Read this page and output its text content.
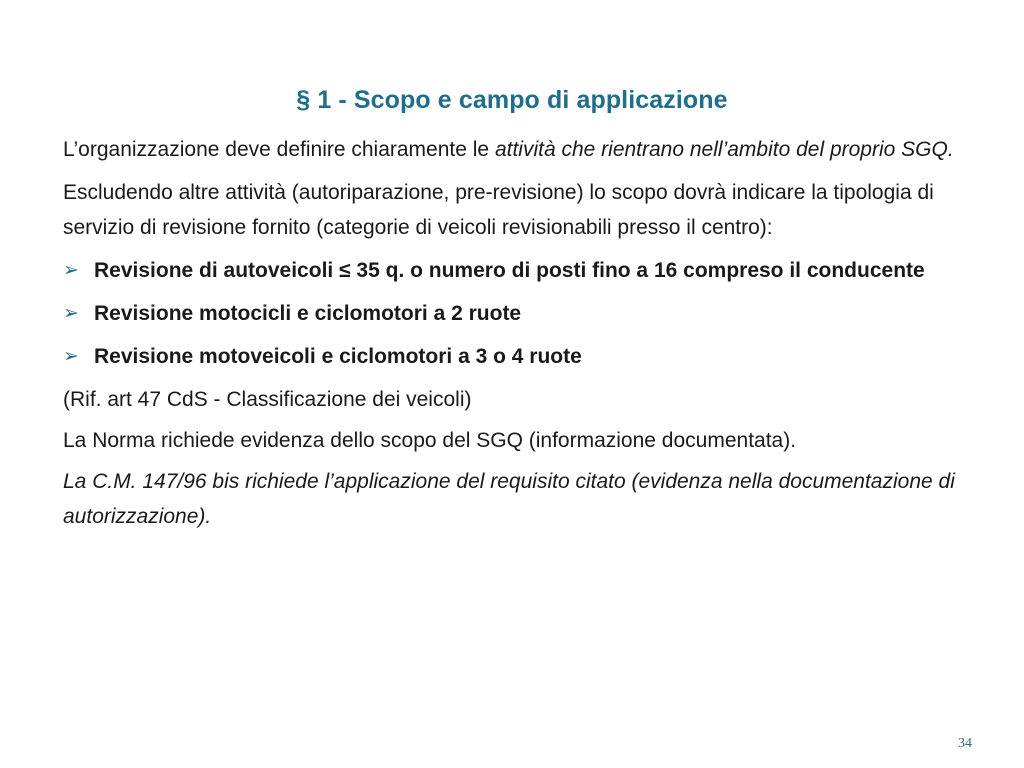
§ 1 - Scopo e campo di applicazione

L’organizzazione deve definire chiaramente le attività che rientrano nell’ambito del proprio SGQ.

Escludendo altre attività (autoriparazione, pre-revisione) lo scopo dovrà indicare la tipologia di servizio di revisione fornito (categorie di veicoli revisionabili presso il centro):

➢ Revisione di autoveicoli ≤ 35 q. o numero di posti fino a 16 compreso il conducente
➢ Revisione motocicli e ciclomotori a 2 ruote
➢ Revisione motoveicoli e ciclomotori a 3 o 4 ruote

(Rif. art 47 CdS - Classificazione dei veicoli)

La Norma richiede evidenza dello scopo del SGQ (informazione documentata).

La C.M. 147/96 bis richiede l’applicazione del requisito citato (evidenza nella documentazione di autorizzazione).

34
